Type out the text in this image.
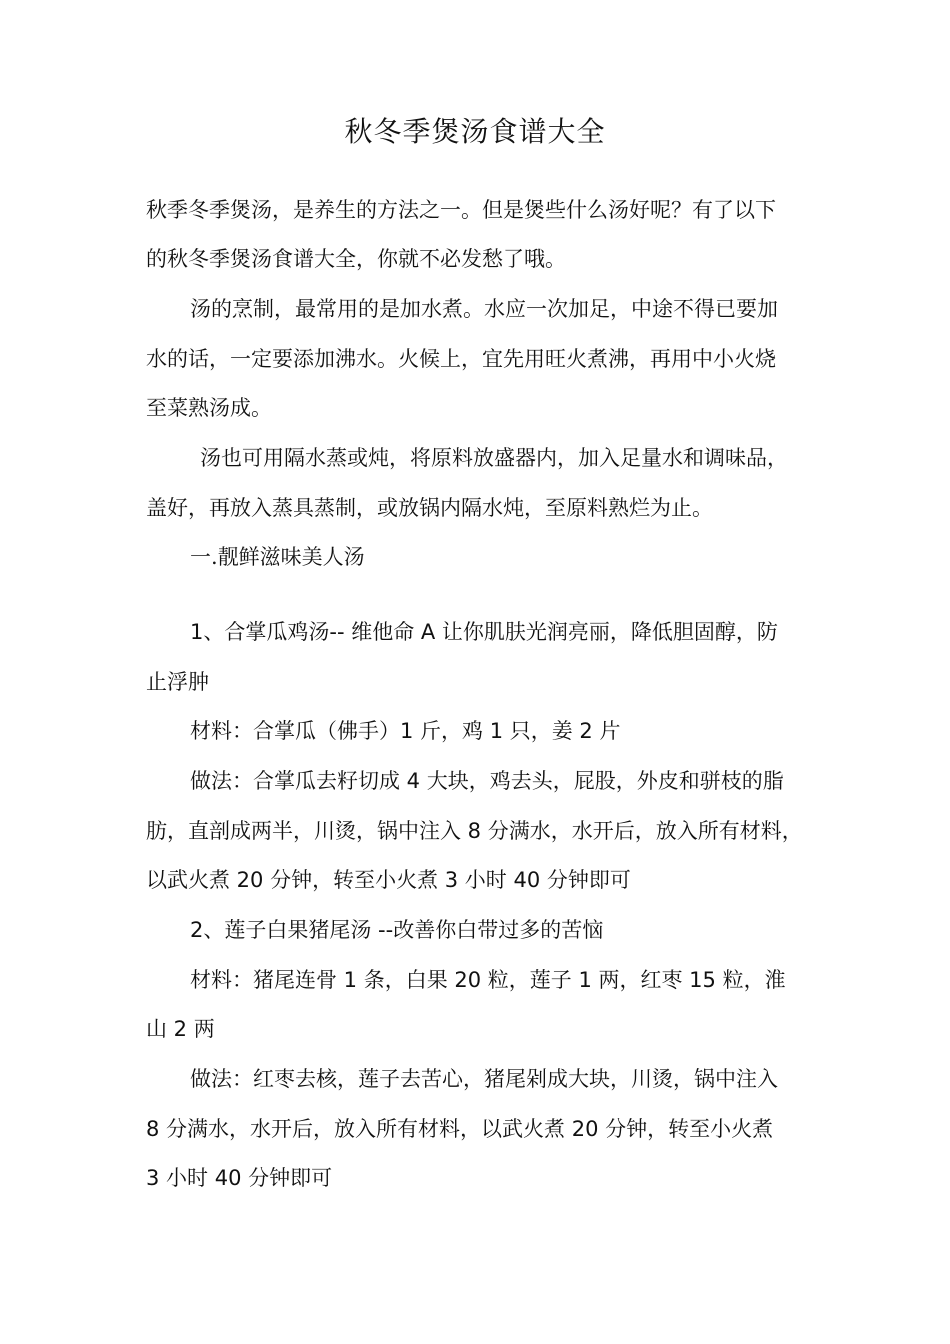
秋冬季煲汤食谱大全
秋季冬季煲汤，是养生的方法之一。但是煲些什么汤好呢？有了以下
的秋冬季煲汤食谱大全，你就不必发愁了哦。
汤的烹制，最常用的是加水煮。水应一次加足，中途不得已要加
水的话，一定要添加沸水。火候上，宜先用旺火煮沸，再用中小火烧
至菜熟汤成。
汤也可用隔水蒸或炖，将原料放盛器内，加入足量水和调味品，
盖好，再放入蒸具蒸制，或放锅内隔水炖，至原料熟烂为止。
一.靓鲜滋味美人汤
1、合掌瓜鸡汤-- 维他命 A 让你肌肤光润亮丽，降低胆固醇，防
止浮肿
材料：合掌瓜（佛手）1 斤，鸡 1 只，姜 2 片
做法：合掌瓜去籽切成 4 大块，鸡去头，屁股，外皮和骈枝的脂
肪，直剖成两半，川烫，锅中注入 8 分满水，水开后，放入所有材料，
以武火煮 20 分钟，转至小火煮 3 小时 40 分钟即可
2、莲子白果猪尾汤 --改善你白带过多的苦恼
材料：猪尾连骨 1 条，白果 20 粒，莲子 1 两，红枣 15 粒，淮
山 2 两
做法：红枣去核，莲子去苦心，猪尾剁成大块，川烫，锅中注入
8 分满水，水开后，放入所有材料，以武火煮 20 分钟，转至小火煮
3 小时 40 分钟即可
